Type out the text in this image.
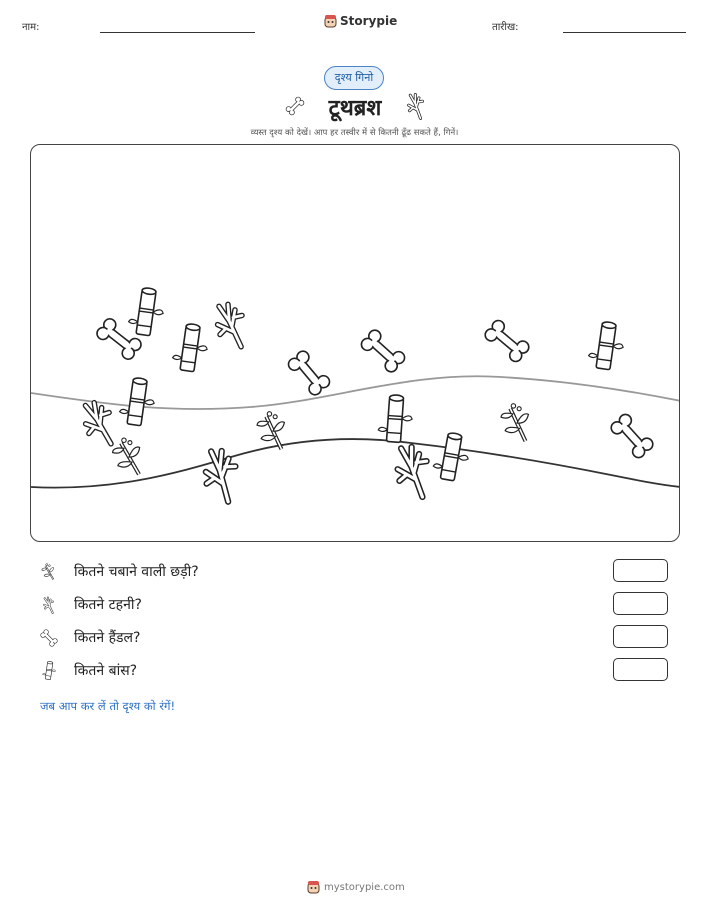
नाम:	Storypie	तारीख:
दृश्य गिनो
टूथब्रश
व्यस्त दृश्य को देखें। आप हर तस्वीर में से कितनी ढूँढ सकते हैं, गिनें।
कितने चबाने वाली छड़ी?
कितने टहनी?
कितने हैंडल?
कितने बांस?
जब आप कर लें तो दृश्य को रंगें!
mystorypie.com
